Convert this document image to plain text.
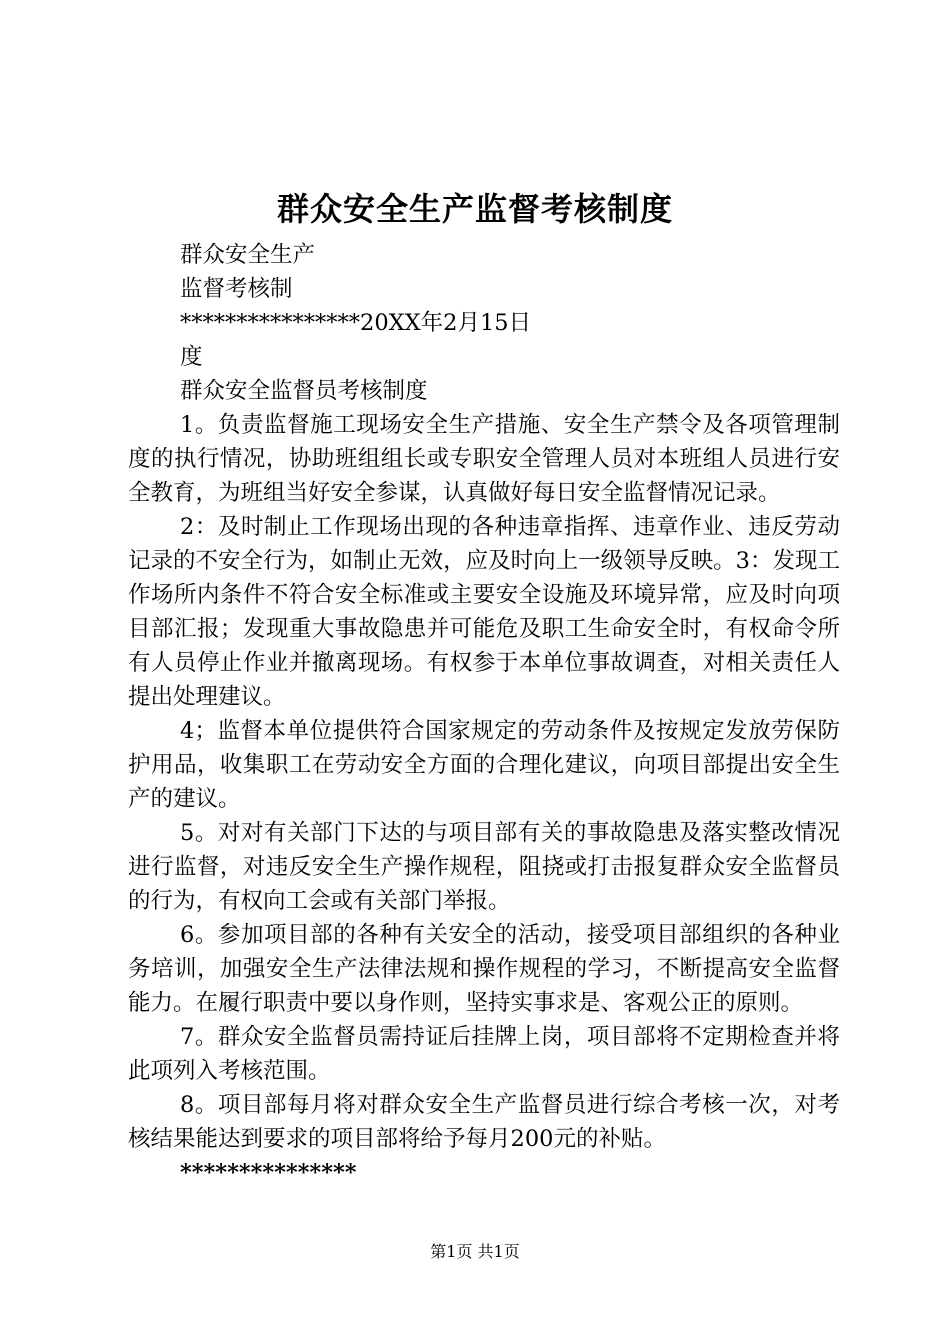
群众安全生产监督考核制度
群众安全生产
监督考核制
****************20XX年2月15日
度
群众安全监督员考核制度

1。负责监督施工现场安全生产措施、安全生产禁令及各项管理制度的执行情况，协助班组组长或专职安全管理人员对本班组人员进行安全教育，为班组当好安全参谋，认真做好每日安全监督情况记录。

2：及时制止工作现场出现的各种违章指挥、违章作业、违反劳动记录的不安全行为，如制止无效，应及时向上一级领导反映。3：发现工作场所内条件不符合安全标准或主要安全设施及环境异常，应及时向项目部汇报；发现重大事故隐患并可能危及职工生命安全时，有权命令所有人员停止作业并撤离现场。有权参于本单位事故调查，对相关责任人提出处理建议。

4；监督本单位提供符合国家规定的劳动条件及按规定发放劳保防护用品，收集职工在劳动安全方面的合理化建议，向项目部提出安全生产的建议。

5。对对有关部门下达的与项目部有关的事故隐患及落实整改情况进行监督，对违反安全生产操作规程，阻挠或打击报复群众安全监督员的行为，有权向工会或有关部门举报。

6。参加项目部的各种有关安全的活动，接受项目部组织的各种业务培训，加强安全生产法律法规和操作规程的学习，不断提高安全监督能力。在履行职责中要以身作则，坚持实事求是、客观公正的原则。

7。群众安全监督员需持证后挂牌上岗，项目部将不定期检查并将此项列入考核范围。

8。项目部每月将对群众安全生产监督员进行综合考核一次，对考核结果能达到要求的项目部将给予每月200元的补贴。

***************
第1页 共1页
